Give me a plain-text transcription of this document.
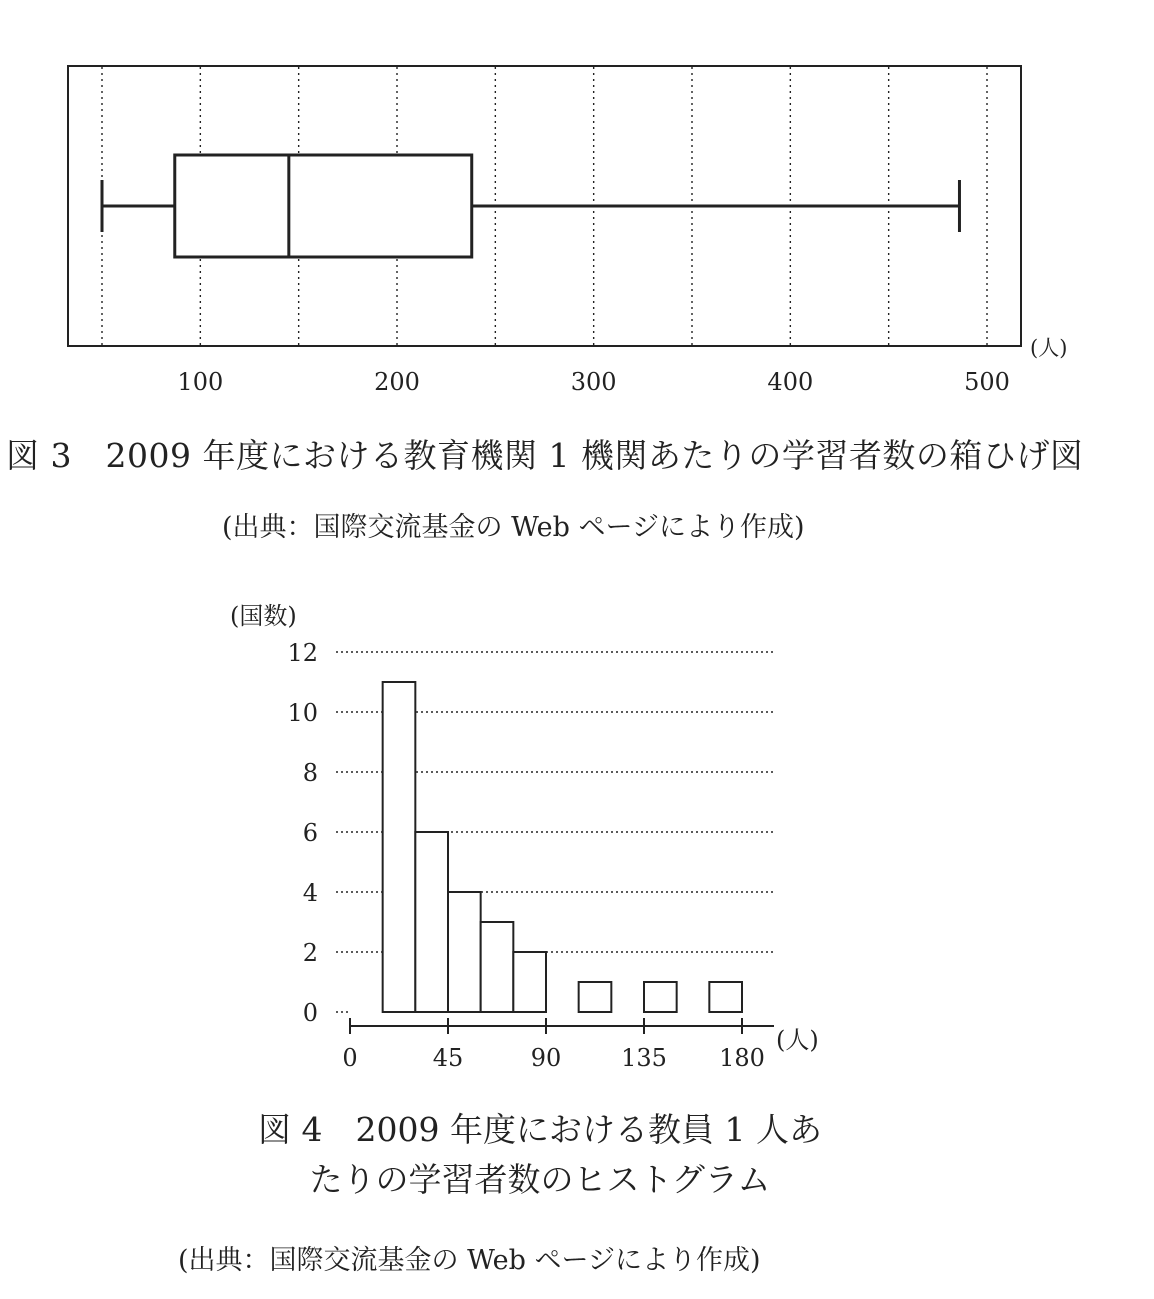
100	200	300	400	500
(人)
0
2
4
6
8
10
12
(国数)
0	45	90 135 180
(人)
図 3　2009 年度における教育機関 1 機関あたりの学習者数の箱ひげ図
(出典：国際交流基金の Web ページにより作成)
図 4　2009 年度における教員 1 人あ
たりの学習者数のヒストグラム
(出典：国際交流基金の Web ページにより作成)
